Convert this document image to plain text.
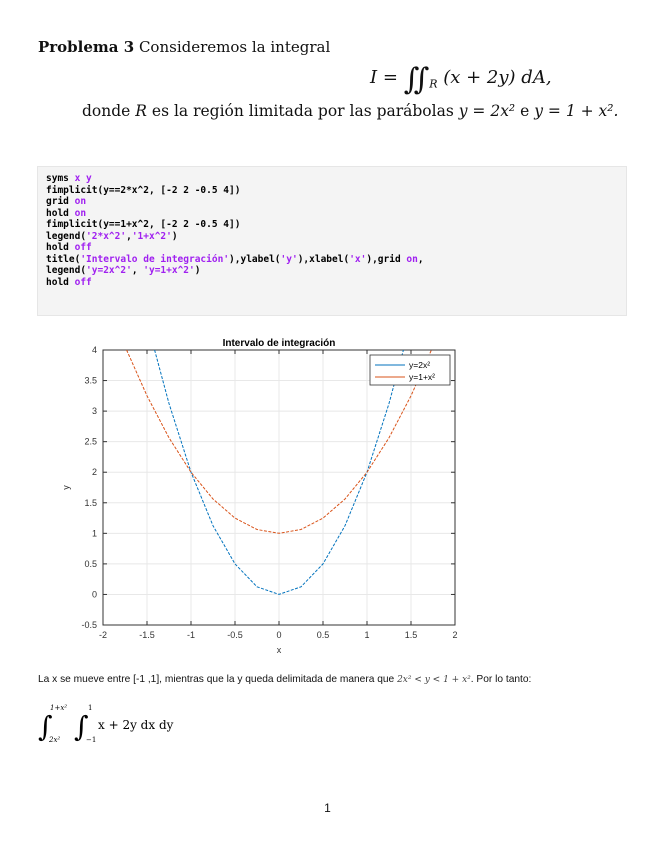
Problema 3 Consideremos la integral
$I = ∬_R$ (x + 2y) dA,
donde R es la región limitada por las parábolas y = 2x² e y = 1 + x².
syms x y
fimplicit(y==2*x^2, [-2 2 -0.5 4])
grid on
hold on
fimplicit(y==1+x^2, [-2 2 -0.5 4])
legend('2*x^2','1+x^2')
hold off
title('Intervalo de integración'),ylabel('y'),xlabel('x'),grid on,
legend('y=2x^2', 'y=1+x^2')
hold off
-2	-1.5	-1	-0.5	0	0.5	1	1.5	2
-0.5
0
0.5
1
1.5
2
2.5
3
3.5
4
Intervalo de integración
x
y
y=2x²
y=1+x²
La x se mueve entre [-1 ,1], mientras que la y queda delimitada de manera que 2x² < y < 1 + x². Por lo tanto:
∫
1+x²
2x² ∫
1
−1
x + 2y dx dy
1
